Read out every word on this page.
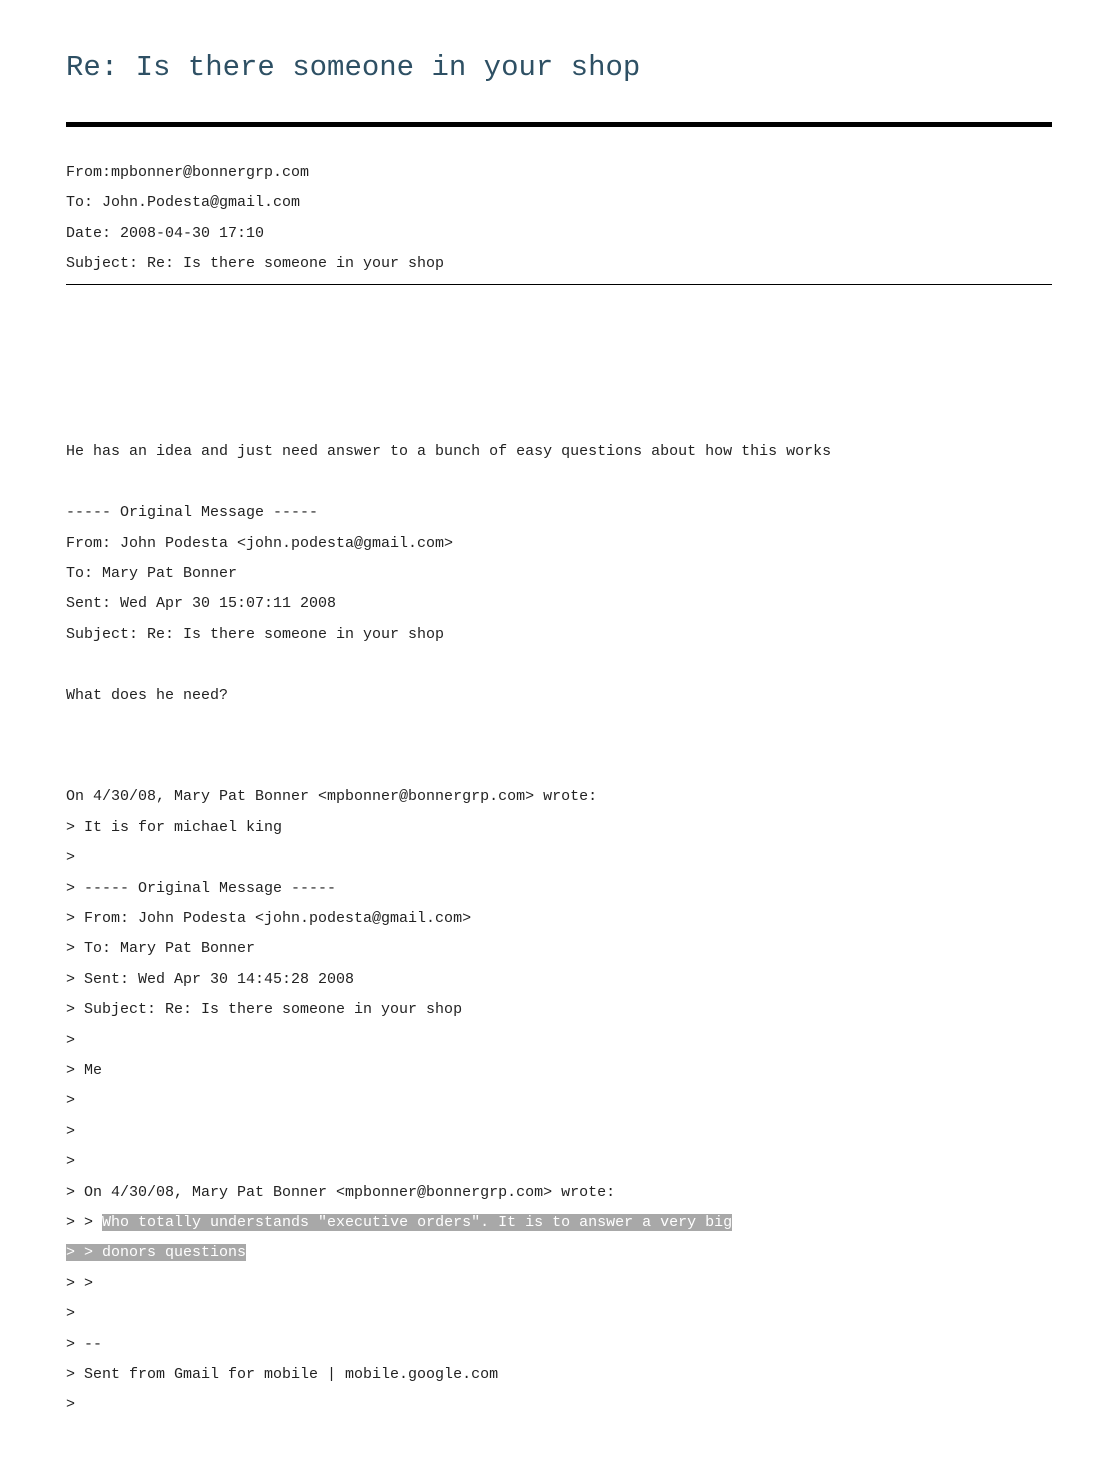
Re: Is there someone in your shop
From:mpbonner@bonnergrp.com
To: John.Podesta@gmail.com
Date: 2008-04-30 17:10
Subject: Re: Is there someone in your shop
He has an idea and just need answer to a bunch of easy questions about how this works
----- Original Message -----
From: John Podesta <john.podesta@gmail.com>
To: Mary Pat Bonner
Sent: Wed Apr 30 15:07:11 2008
Subject: Re: Is there someone in your shop
What does he need?
On 4/30/08, Mary Pat Bonner <mpbonner@bonnergrp.com> wrote:
> It is for michael king
>
> ----- Original Message -----
> From: John Podesta <john.podesta@gmail.com>
> To: Mary Pat Bonner
> Sent: Wed Apr 30 14:45:28 2008
> Subject: Re: Is there someone in your shop
>
> Me
>
>
>
> On 4/30/08, Mary Pat Bonner <mpbonner@bonnergrp.com> wrote:
> > Who totally understands "executive orders". It is to answer a very big
> > donors questions
> >
>
> --
> Sent from Gmail for mobile | mobile.google.com
>
